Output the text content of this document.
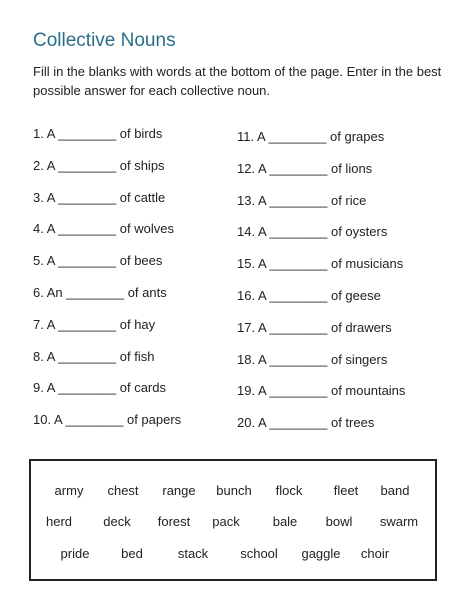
Collective Nouns
Fill in the blanks with words at the bottom of the page. Enter in the best possible answer for each collective noun.
1. A ________ of birds
2. A ________ of ships
3. A ________ of cattle
4. A ________ of wolves
5. A ________ of bees
6. An ________ of ants
7. A ________ of hay
8. A ________ of fish
9. A ________ of cards
10. A ________ of papers
11. A ________ of grapes
12. A ________ of lions
13. A ________ of rice
14. A ________ of oysters
15. A ________ of musicians
16. A ________ of geese
17. A ________ of drawers
18. A ________ of singers
19. A ________ of mountains
20. A ________ of trees
army chest range bunch flock fleet band
herd deck forest pack	bale bowl swarm
pride bed	stack school gaggle choir
